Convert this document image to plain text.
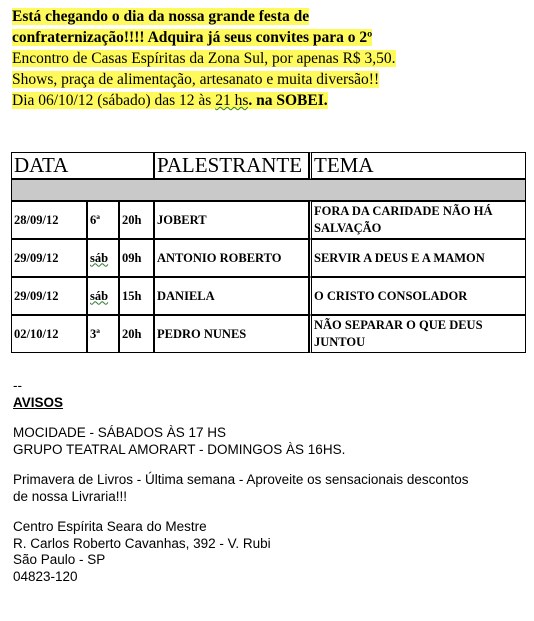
Está chegando o dia da nossa grande festa de
confraternização!!!! Adquira já seus convites para o 2º
Encontro de Casas Espíritas da Zona Sul, por apenas R$ 3,50.
Shows, praça de alimentação, artesanato e muita diversão!!
Dia 06/10/12 (sábado) das 12 às 21 hs. na SOBEI.
DATA			PALESTRANTE	TEMA

28/09/12	6ª	20h	JOBERT	FORA DA CARIDADE NÃO HÁ SALVAÇÃO
29/09/12	sáb	09h	ANTONIO ROBERTO	SERVIR A DEUS E A MAMON
29/09/12	sáb	15h	DANIELA	O CRISTO CONSOLADOR
02/10/12	3ª	20h	PEDRO NUNES	NÃO SEPARAR O QUE DEUS JUNTOU
--
AVISOS
MOCIDADE - SÁBADOS ÀS 17 HS
GRUPO TEATRAL AMORART - DOMINGOS ÀS 16HS.
Primavera de Livros - Última semana - Aproveite os sensacionais descontos
de nossa Livraria!!!
Centro Espírita Seara do Mestre
R. Carlos Roberto Cavanhas, 392 - V. Rubi
São Paulo - SP
04823-120
